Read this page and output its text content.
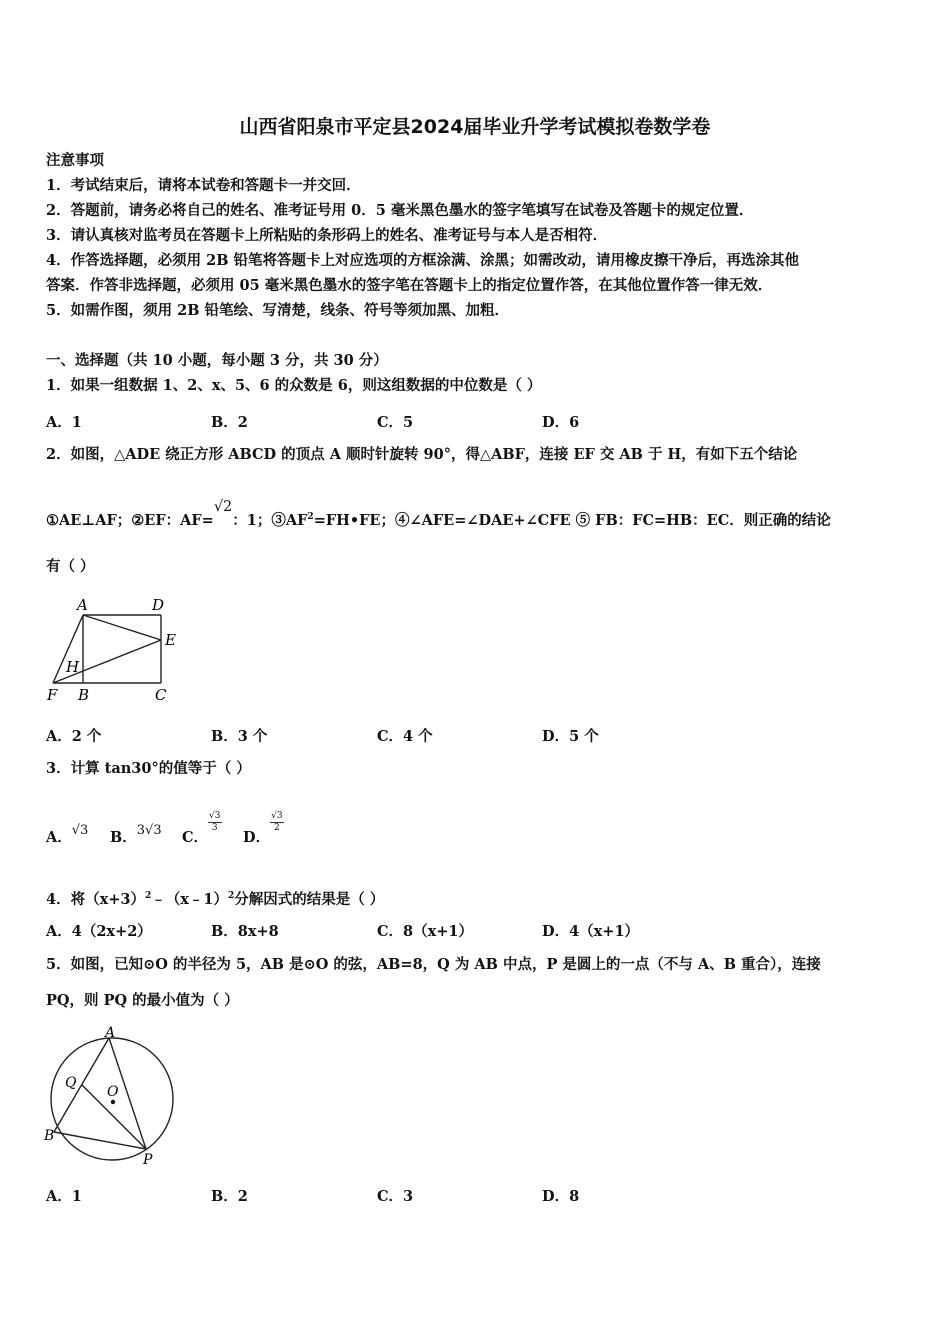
山西省阳泉市平定县2024届毕业升学考试模拟卷数学卷
注意事项
1．考试结束后，请将本试卷和答题卡一并交回．
2．答题前，请务必将自己的姓名、准考证号用 0．5 毫米黑色墨水的签字笔填写在试卷及答题卡的规定位置．
3．请认真核对监考员在答题卡上所粘贴的条形码上的姓名、准考证号与本人是否相符．
4．作答选择题，必须用 2B 铅笔将答题卡上对应选项的方框涂满、涂黑；如需改动，请用橡皮擦干净后，再选涂其他
答案．作答非选择题，必须用 05 毫米黑色墨水的签字笔在答题卡上的指定位置作答，在其他位置作答一律无效．
5．如需作图，须用 2B 铅笔绘、写清楚，线条、符号等须加黑、加粗．
一、选择题（共 10 小题，每小题 3 分，共 30 分）
1．如果一组数据 1、2、x、5、6 的众数是 6，则这组数据的中位数是（ ）
A．1	B．2	C．5	D．6
2．如图，△ADE 绕正方形 ABCD 的顶点 A 顺时针旋转 90°，得△ABF，连接 EF 交 AB 于 H，有如下五个结论
①AE⊥AF；②EF：AF=√2：1；$③AF^2=FH•FE$；④∠AFE=∠DAE+∠CFE ⑤ FB：FC=HB：EC．则正确的结论
有（ ）
A	D
E
H
F B	C
A．2 个	B．3 个	C．4 个	D．5 个
3．计算 tan30°的值等于（ ）
A．√3 B．3√3 C．
$\frac{√3}{3}$
D．
$\frac{√3}{2}$
4．将$(x+3)^2﹣(x﹣1)^2$分解因式的结果是（ ）
A．4（2x+2）	B．8x+8	C．8（x+1）	D．4（x+1）
5．如图，已知⊙O 的半径为 5，AB 是⊙O 的弦，AB=8，Q 为 AB 中点，P 是圆上的一点（不与 A、B 重合），连接
PQ，则 PQ 的最小值为（ ）
A
Q
O
B
P
A．1	B．2	C．3	D．8
